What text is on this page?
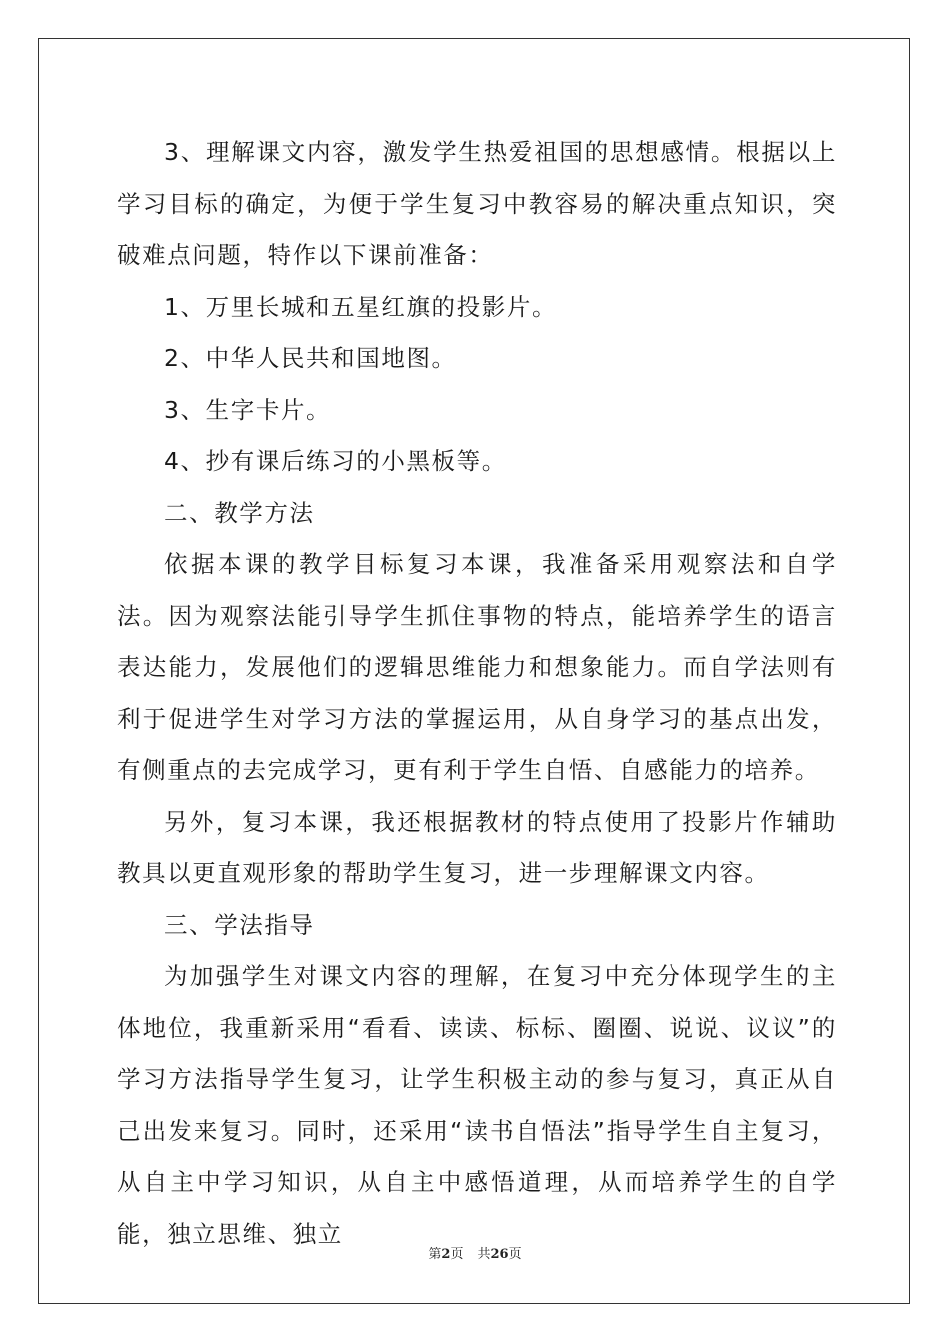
3、理解课文内容，激发学生热爱祖国的思想感情。根据以上学习目标的确定，为便于学生复习中教容易的解决重点知识，突破难点问题，特作以下课前准备：

1、万里长城和五星红旗的投影片。

2、中华人民共和国地图。

3、生字卡片。

4、抄有课后练习的小黑板等。

二、教学方法

依据本课的教学目标复习本课，我准备采用观察法和自学法。因为观察法能引导学生抓住事物的特点，能培养学生的语言表达能力，发展他们的逻辑思维能力和想象能力。而自学法则有利于促进学生对学习方法的掌握运用，从自身学习的基点出发，有侧重点的去完成学习，更有利于学生自悟、自感能力的培养。

另外，复习本课，我还根据教材的特点使用了投影片作辅助教具以更直观形象的帮助学生复习，进一步理解课文内容。

三、学法指导

为加强学生对课文内容的理解，在复习中充分体现学生的主体地位，我重新采用“看看、读读、标标、圈圈、说说、议议”的学习方法指导学生复习，让学生积极主动的参与复习，真正从自己出发来复习。同时，还采用“读书自悟法”指导学生自主复习，从自主中学习知识，从自主中感悟道理，从而培养学生的自学能，独立思维、独立

第2页 共26页
